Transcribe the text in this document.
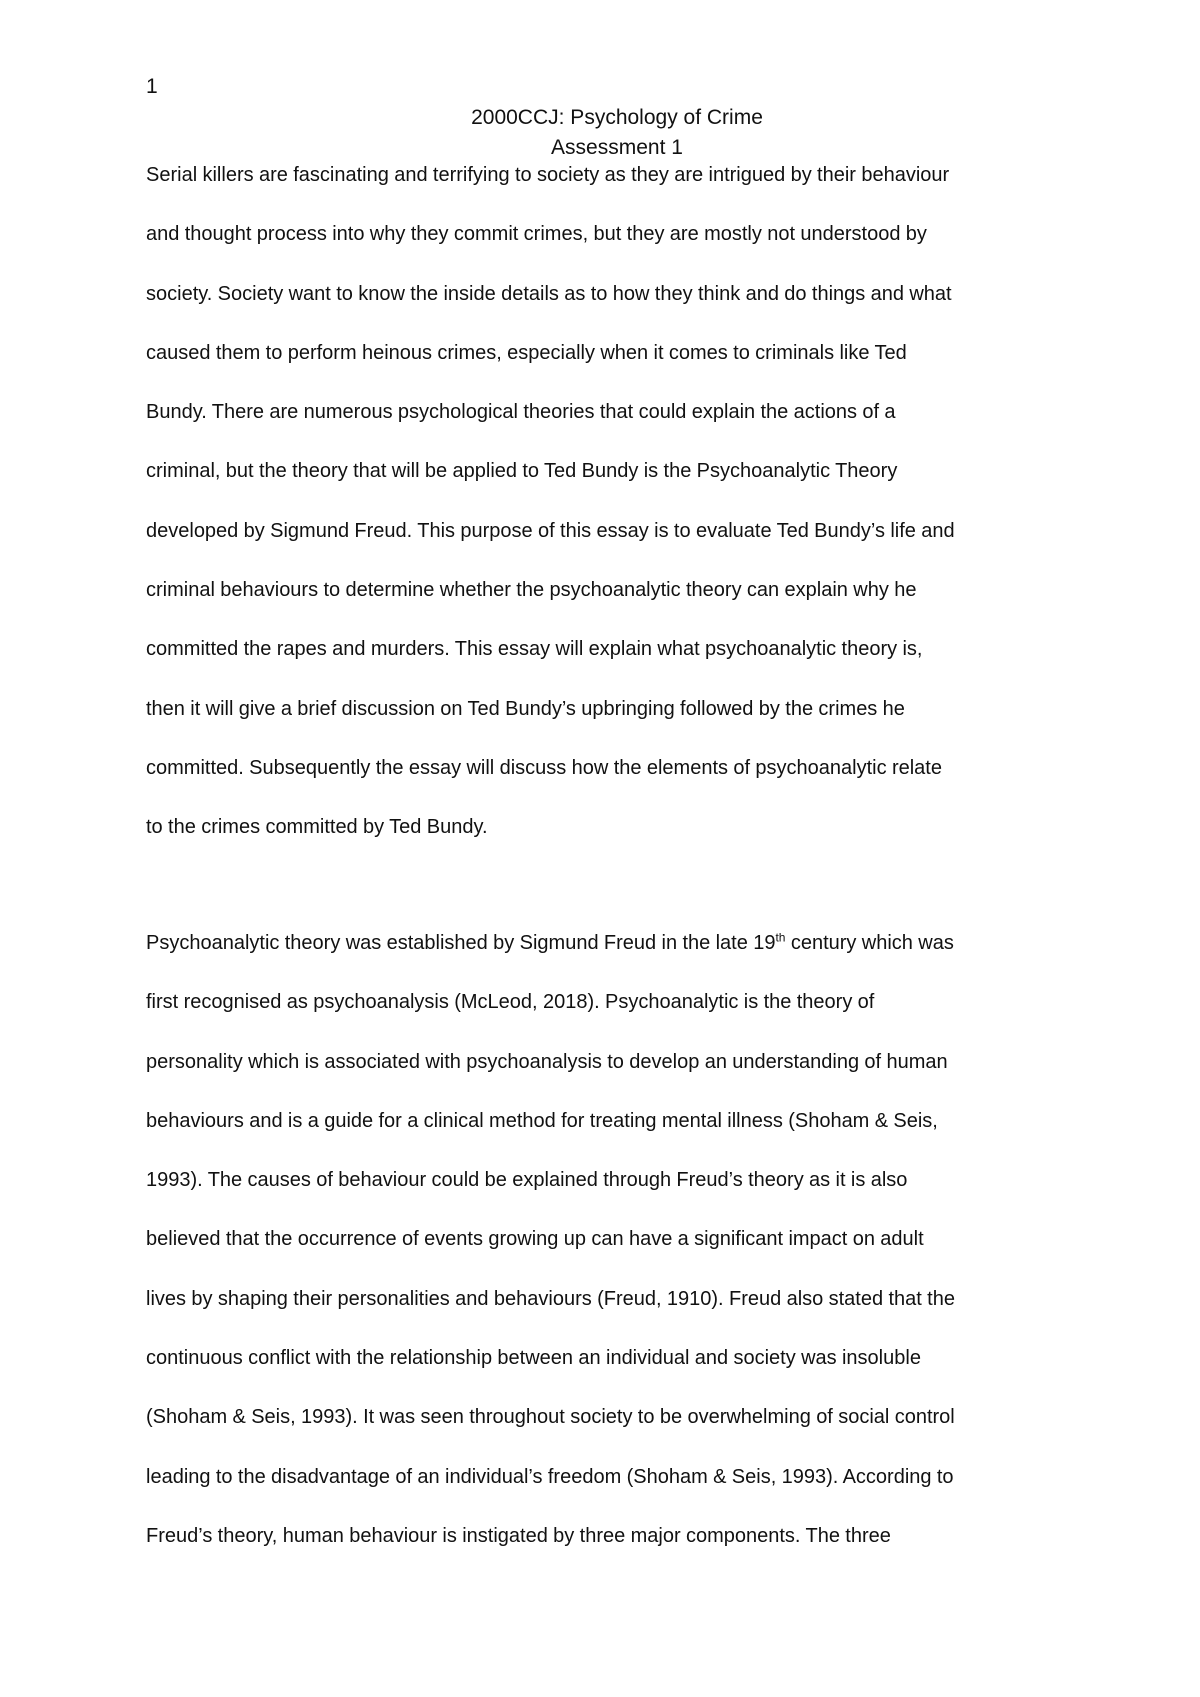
1
2000CCJ: Psychology of Crime
Assessment 1

Serial killers are fascinating and terrifying to society as they are intrigued by their behaviour
and thought process into why they commit crimes, but they are mostly not understood by
society. Society want to know the inside details as to how they think and do things and what
caused them to perform heinous crimes, especially when it comes to criminals like Ted
Bundy. There are numerous psychological theories that could explain the actions of a
criminal, but the theory that will be applied to Ted Bundy is the Psychoanalytic Theory
developed by Sigmund Freud. This purpose of this essay is to evaluate Ted Bundy’s life and
criminal behaviours to determine whether the psychoanalytic theory can explain why he
committed the rapes and murders. This essay will explain what psychoanalytic theory is,
then it will give a brief discussion on Ted Bundy’s upbringing followed by the crimes he
committed. Subsequently the essay will discuss how the elements of psychoanalytic relate
to the crimes committed by Ted Bundy.

Psychoanalytic theory was established by Sigmund Freud in the late 19th century which was
first recognised as psychoanalysis (McLeod, 2018). Psychoanalytic is the theory of
personality which is associated with psychoanalysis to develop an understanding of human
behaviours and is a guide for a clinical method for treating mental illness (Shoham & Seis,
1993). The causes of behaviour could be explained through Freud’s theory as it is also
believed that the occurrence of events growing up can have a significant impact on adult
lives by shaping their personalities and behaviours (Freud, 1910). Freud also stated that the
continuous conflict with the relationship between an individual and society was insoluble
(Shoham & Seis, 1993). It was seen throughout society to be overwhelming of social control
leading to the disadvantage of an individual’s freedom (Shoham & Seis, 1993). According to
Freud’s theory, human behaviour is instigated by three major components. The three
